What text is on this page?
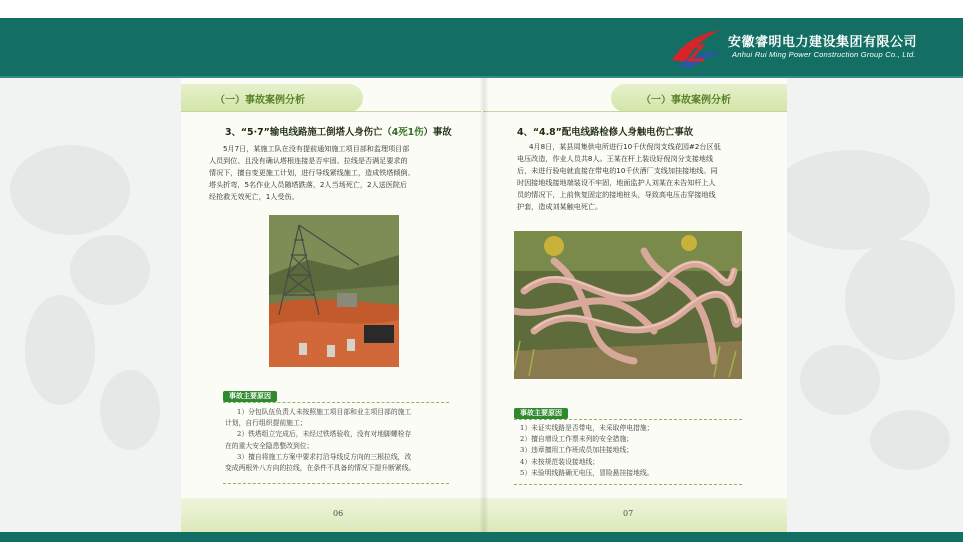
安徽睿明电力建设集团有限公司
Anhui Rui Ming Power Construction Group Co., Ltd.
（一）事故案例分析
3、“5·7”输电线路施工倒塔人身伤亡（4死1伤）事故

5月7日，某施工队在没有提前通知施工项目部和监理项目部

人员到位、且没有确认塔根连接是否牢固、拉线是否满足要求的

情况下，擅自变更施工计划，进行导线紧线施工，造成铁塔倾倒、

塔头折弯，5名作业人员随塔跌落，2人当场死亡，2人送医院后

经抢救无效死亡，1人受伤。

事故主要原因

1）分包队伍负责人未按照施工项目部和业主项目部的施工

计划，自行组织提前施工；

2）铁塔组立完成后，未经过铁塔验收，没有对地脚螺栓存

在的重大安全隐患整改到位；

3）擅自将施工方案中要求打沿导线反方向的三根拉线，改

变成两根外八方向的拉线，在条件不具备的情况下提升断紧线。

06
（一）事故案例分析
4、“4.8”配电线路检修人身触电伤亡事故

4月8日，某县周集供电所进行10千伏倪岗支线花园#2台区低

电压改造，作业人员共8人。王某在杆上装设好倪岗分支接地线

后，未进行验电就直接在带电的10千伏酒厂支线加挂接地线。同

时因接地线接地端装设不牢固，地面监护人刘某在未告知杆上人

员的情况下，上前恢复固定的接地桩头，导致高电压击穿接地线

护套，造成刘某触电死亡。

事故主要原因

1）未证实线路是否带电，未采取停电措施；

2）擅自增设工作票未列的安全措施；

3）违章擅用工作班成员加挂接地线；

4）未按规范装设接地线；

5）未验明线路确无电压，冒险悬挂接地线。

07
